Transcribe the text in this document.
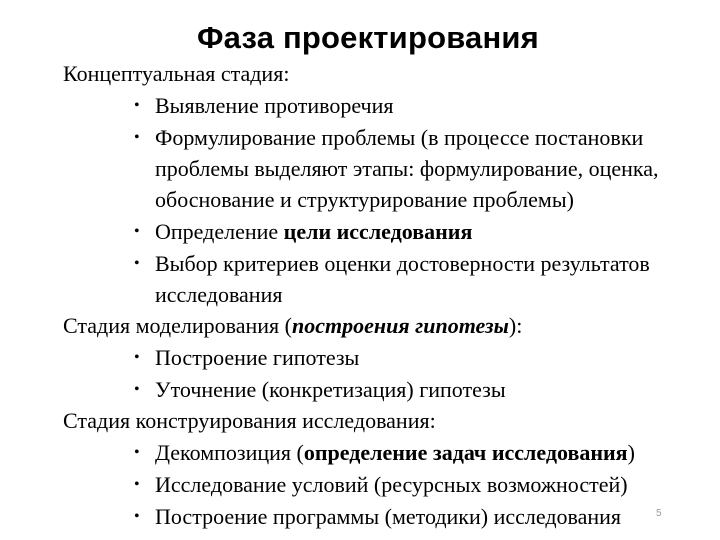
Фаза проектирования
Концептуальная стадия:
• Выявление противоречия
• Формулирование проблемы (в процессе постановки проблемы выделяют этапы: формулирование, оценка, обоснование и структурирование проблемы)
• Определение цели исследования
• Выбор критериев оценки достоверности результатов исследования
Стадия моделирования (построения гипотезы):
• Построение гипотезы
• Уточнение (конкретизация) гипотезы
Стадия конструирования исследования:
• Декомпозиция (определение задач исследования)
• Исследование условий (ресурсных возможностей)
• Построение программы (методики) исследования	5
